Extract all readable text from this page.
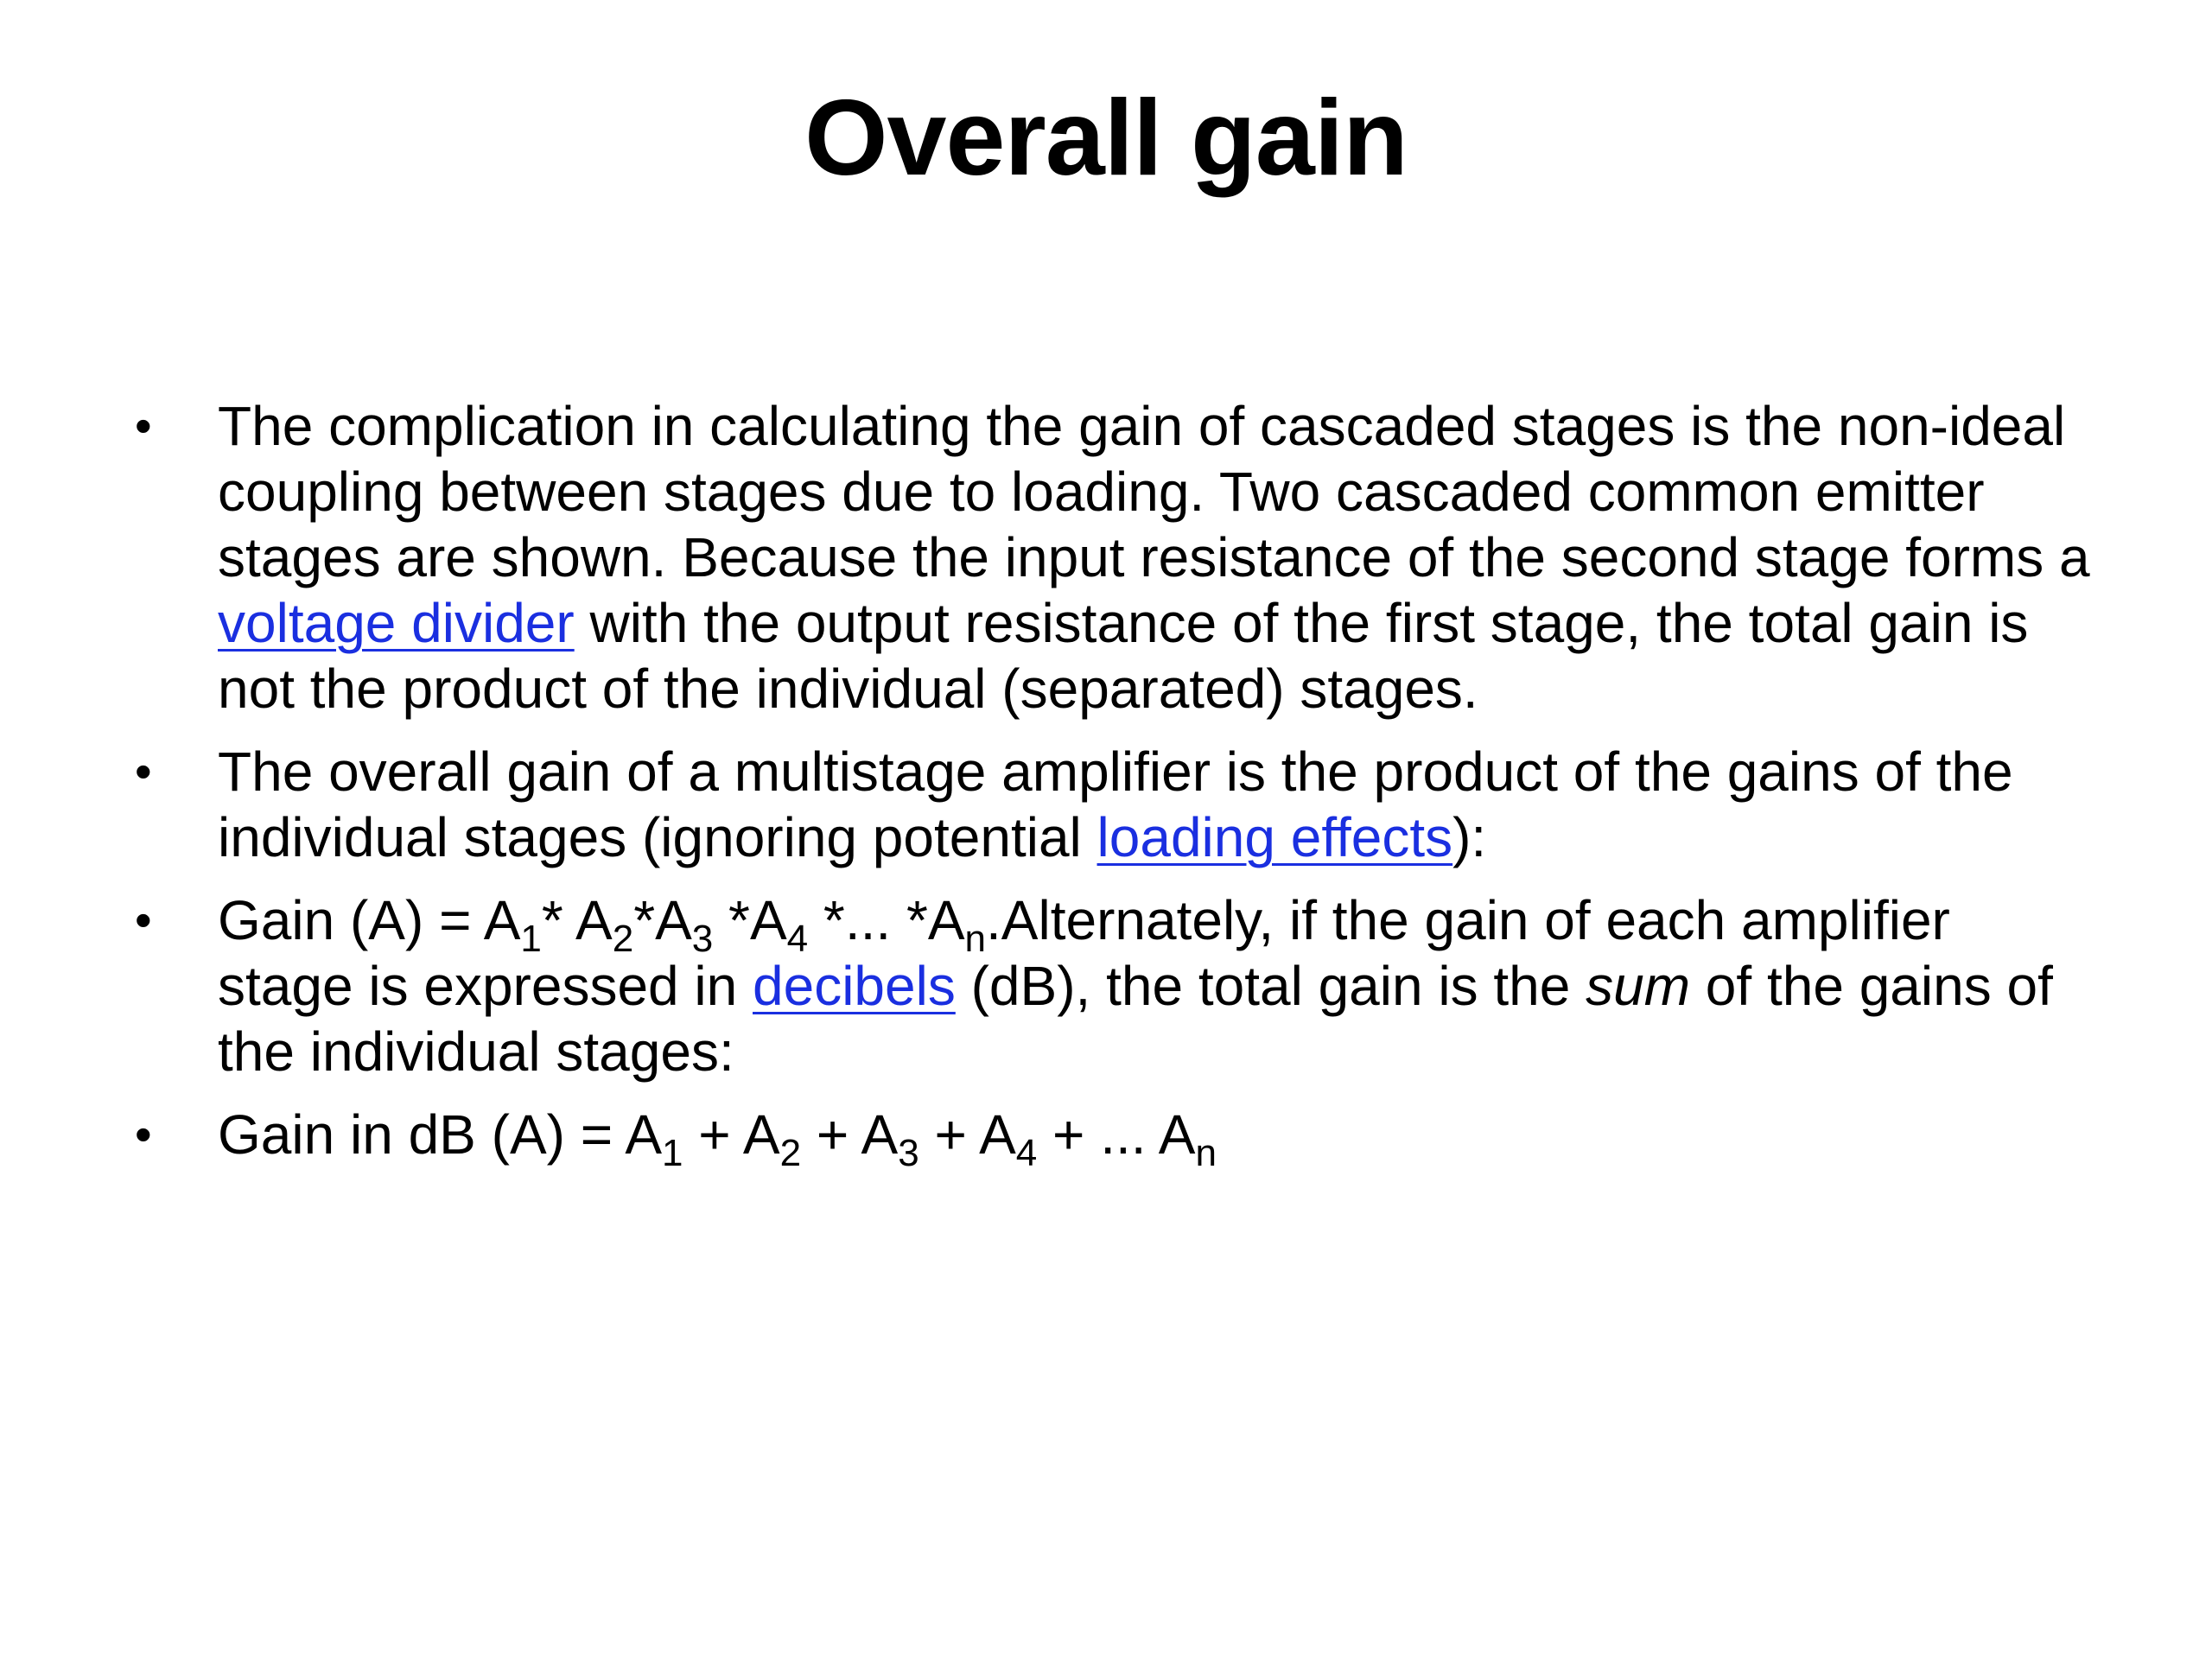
Overall gain
• The complication in calculating the gain of cascaded stages is the non-ideal coupling between stages due to loading. Two cascaded common emitter stages are shown. Because the input resistance of the second stage forms a voltage divider with the output resistance of the first stage, the total gain is not the product of the individual (separated) stages.
• The overall gain of a multistage amplifier is the product of the gains of the individual stages (ignoring potential loading effects):
• Gain $(A) = A_1*$ $A_2*A_3$ $*A_4$ *... $*A_n.Alternately$, if the gain of each amplifier stage is expressed in decibels (dB), the total gain is the sum of the gains of the individual stages:
• Gain in dB $(A) = A_1 + A_2 + A_3 + A_4$ + ... $A_n$
